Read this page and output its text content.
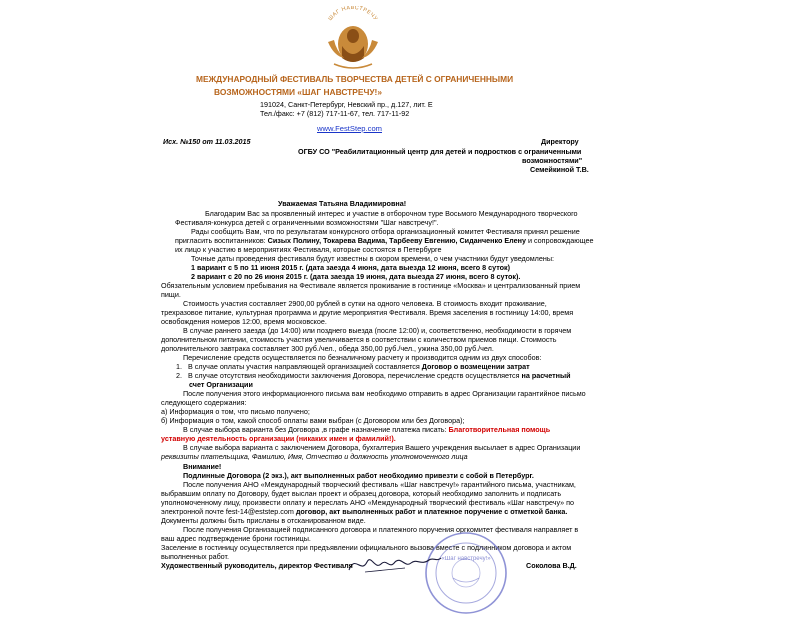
ШАГ НАВСТРЕЧУ
МЕЖДУНАРОДНЫЙ ФЕСТИВАЛЬ ТВОРЧЕСТВА ДЕТЕЙ С ОГРАНИЧЕННЫМИ
ВОЗМОЖНОСТЯМИ «ШАГ НАВСТРЕЧУ!»
191024, Санкт-Петербург, Невский пр., д.127, лит. Е
Тел./факс: +7 (812) 717-11-67, тел. 717-11-92
www.FestStep.com
Исх. №150 от 11.03.2015	Директору
ОГБУ СО "Реабилитационный центр для детей и подростков с ограниченными
возможностями"
Семейкиной Т.В.
Уважаемая Татьяна Владимировна!
Благодарим Вас за проявленный интерес и участие в отборочном туре Восьмого Международного творческого
Фестиваля-конкурса детей с ограниченными возможностями "Шаг навстречу!".
Рады сообщить Вам, что по результатам конкурсного отбора организационный комитет Фестиваля принял решение
пригласить воспитанников: Сизых Полину, Токарева Вадима, Тарбееву Евгению, Сиданченко Елену и сопровождающее
их лицо к участию в мероприятиях Фестиваля, которые состоятся в Петербурге
Точные даты проведения фестиваля будут известны в скором времени, о чем участники будут уведомлены:
1 вариант с 5 по 11 июня 2015 г. (дата заезда 4 июня, дата выезда 12 июня, всего 8 суток)
2 вариант с 20 по 26 июня 2015 г. (дата заезда 19 июня, дата выезда 27 июня, всего 8 суток).
Обязательным условием пребывания на Фестивале является проживание в гостинице «Москва» и централизованный прием
пищи.
Стоимость участия составляет 2900,00 рублей в сутки на одного человека. В стоимость входит проживание,
трехразовое питание, культурная программа и другие мероприятия Фестиваля. Время заселения в гостиницу 14:00, время
освобождения номеров 12:00, время московское.
В случае раннего заезда (до 14:00) или позднего выезда (после 12:00) и, соответственно, необходимости в горячем
дополнительном питании, стоимость участия увеличивается в соответствии с количеством приемов пищи. Стоимость
дополнительного завтрака составляет 300 руб./чел., обеда 350,00 руб./чел., ужина 350,00 руб./чел.
Перечисление средств осуществляется по безналичному расчету и производится одним из двух способов:
1.   В случае оплаты участия направляющей организацией составляется Договор о возмещении затрат
2.   В случае отсутствия необходимости заключения Договора, перечисление средств осуществляется на расчетный
счет Организации
После получения этого информационного письма вам необходимо отправить в адрес Организации гарантийное письмо
следующего содержания:
а) Информация о том, что письмо получено;
б) Информация о том, какой способ оплаты вами выбран (с Договором или без Договора);
В случае выбора варианта без Договора ,в графе назначение платежа писать: Благотворительная помощь
уставную деятельность организации (никаких имен и фамилий!).
В случае выбора варианта с заключением Договора, бухгалтерия Вашего учреждения высылает в адрес Организации
реквизиты плательщика, Фамилию, Имя, Отчество и должность уполномоченного лица
Внимание!
Подлинные Договора (2 экз.), акт выполненных работ необходимо привезти с собой в Петербург.
После получения АНО «Международный творческий фестиваль «Шаг навстречу!» гарантийного письма, участникам,
выбравшим оплату по Договору, будет выслан проект и образец договора, который необходимо заполнить и подписать
уполномоченному лицу, произвести оплату и переслать АНО «Международный творческий фестиваль «Шаг навстречу» по
электронной почте fest-14@eststep.com договор, акт выполненных работ и платежное поручение с отметкой банка.
Документы должны быть присланы в отсканированном виде.
После получения Организацией подписанного договора и платежного поручения оргкомитет фестиваля направляет в
ваш адрес подтверждение брони гостиницы.
Заселение в гостиницу осуществляется при предъявлении официального вызова вместе с подлинником договора и актом
выполненных работ.	«Шаг навстречу!»
Художественный руководитель, директор Фестиваля	Соколова В.Д.
